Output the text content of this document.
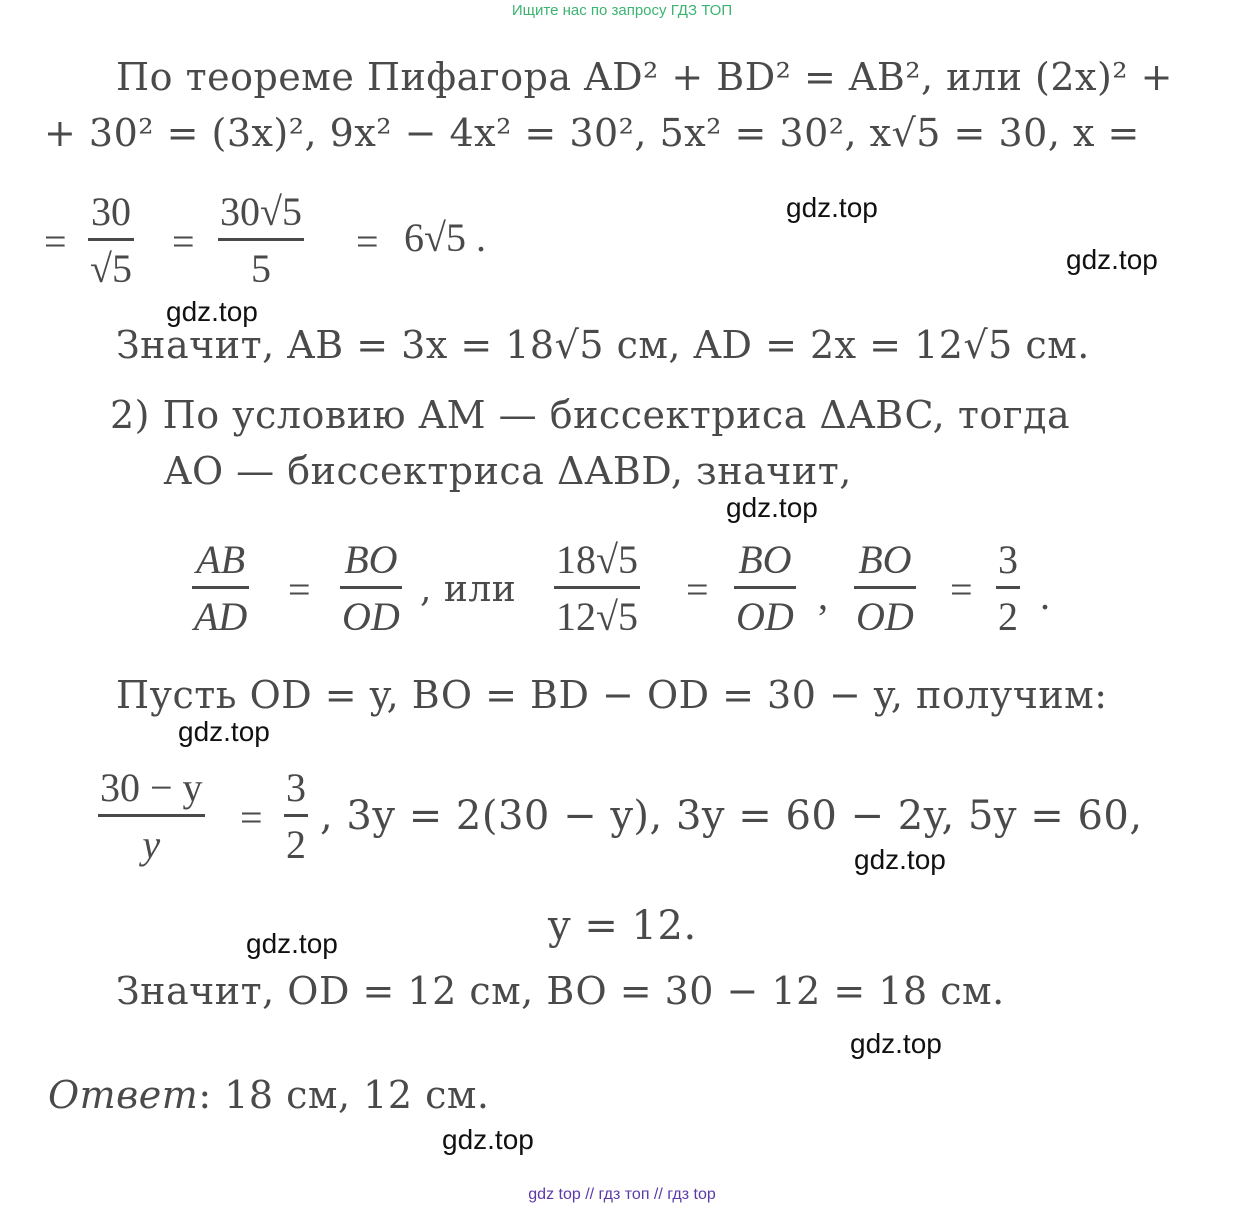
Ищите нас по запросу ГДЗ ТОП
По теореме Пифагора AD² + BD² = AB², или (2x)² +
+ 30² = (3x)², 9x² − 4x² = 30², 5x² = 30², x√5 = 30, x =
=
30
√5
=
30√5
5
= 6√5 .
Значит, AB = 3x = 18√5 см, AD = 2x = 12√5 см.
2) По условию AM — биссектриса ΔABC, тогда
AO — биссектриса ΔABD, значит,
AB
AD
=
BO
OD
, или
18√5
12√5
=
BO
OD ,
BO
OD
=
3
2 .
Пусть OD = y, BO = BD − OD = 30 − y, получим:
30 − y
y
=
3
2
, 3y = 2(30 − y), 3y = 60 − 2y, 5y = 60,
y = 12.
Значит, OD = 12 см, BO = 30 − 12 = 18 см.
Ответ: 18 см, 12 см.
gdz.top
gdz.top
gdz.top
gdz.top
gdz.top
gdz.top
gdz.top
gdz.top
gdz.top
gdz top // гдз топ // гдз top
